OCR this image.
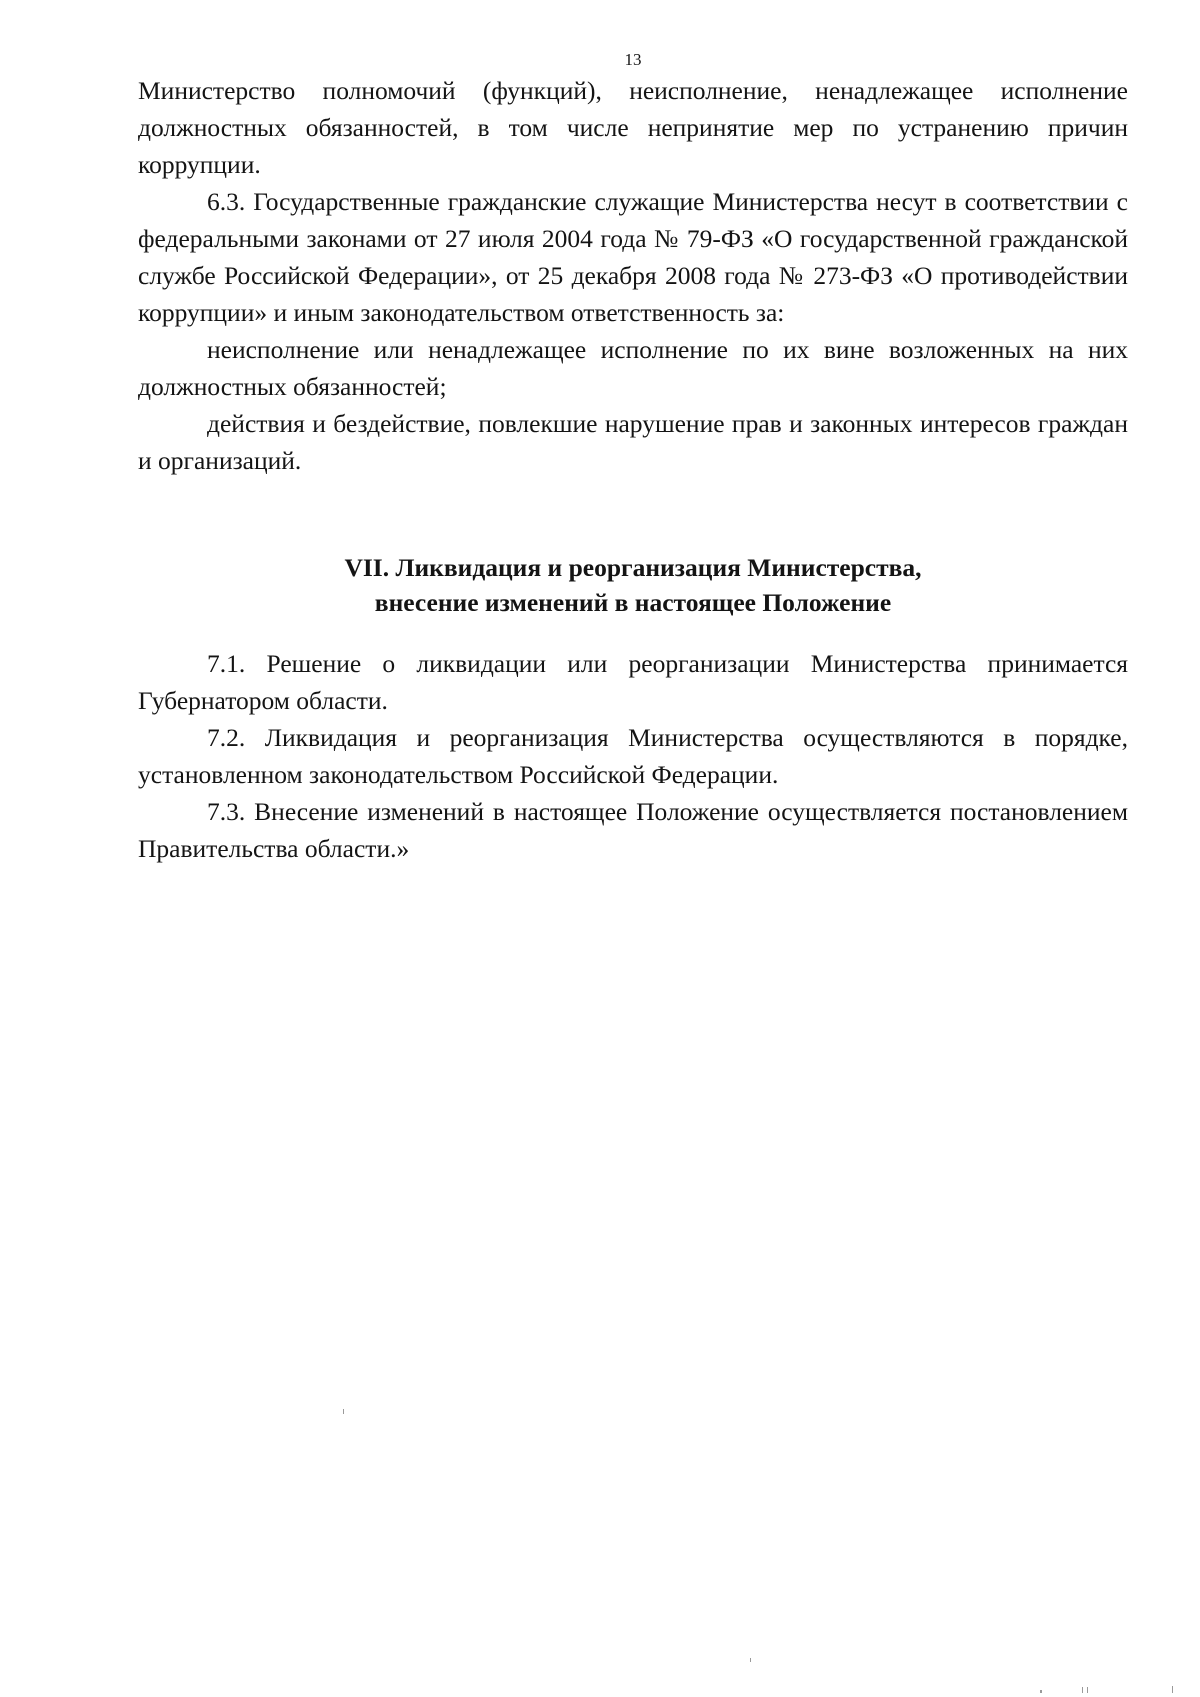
13

Министерство полномочий (функций), неисполнение, ненадлежащее исполнение должностных обязанностей, в том числе непринятие мер по устранению причин коррупции.

6.3. Государственные гражданские служащие Министерства несут в соответствии с федеральными законами от 27 июля 2004 года № 79-ФЗ «О государственной гражданской службе Российской Федерации», от 25 декабря 2008 года № 273-ФЗ «О противодействии коррупции» и иным законодательством ответственность за:

неисполнение или ненадлежащее исполнение по их вине возложенных на них должностных обязанностей;

действия и бездействие, повлекшие нарушение прав и законных интересов граждан и организаций.

VII. Ликвидация и реорганизация Министерства,
внесение изменений в настоящее Положение

7.1. Решение о ликвидации или реорганизации Министерства принимается Губернатором области.

7.2. Ликвидация и реорганизация Министерства осуществляются в порядке, установленном законодательством Российской Федерации.

7.3. Внесение изменений в настоящее Положение осуществляется постановлением Правительства области.»
